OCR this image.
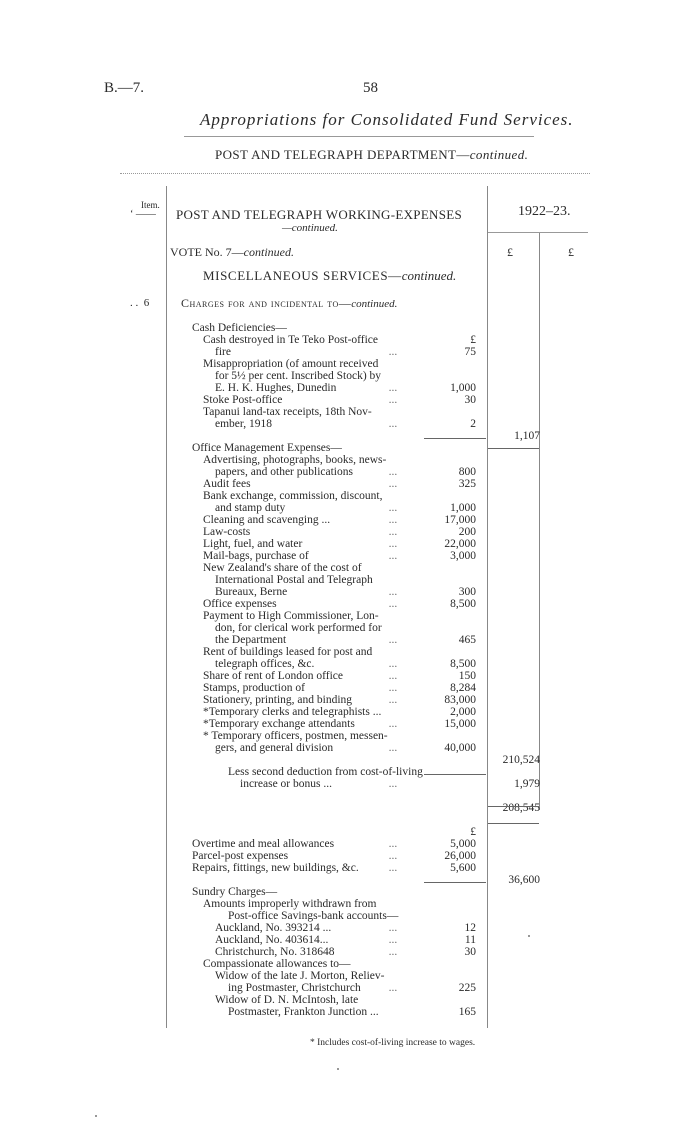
B.—7.	58
Appropriations for Consolidated Fund Services.
POST AND TELEGRAPH DEPARTMENT—continued.
Item.
‘ —— POST AND TELEGRAPH WORKING-EXPENSES
—continued.
1922–23.
£	£
VOTE No. 7—continued.
MISCELLANEOUS SERVICES—continued.
. . 6	Charges for and incidental to—continued.
Cash Deficiencies—
Cash destroyed in Te Teko Post-office	£
fire	...	75
Misappropriation (of amount received
for 5½ per cent. Inscribed Stock) by
E. H. K. Hughes, Dunedin	...	1,000
Stoke Post-office	...	30
Tapanui land-tax receipts, 18th Nov-
ember, 1918	...	2
1,107
Office Management Expenses—
Advertising, photographs, books, news-
papers, and other publications ...	800
Audit fees	...	325
Bank exchange, commission, discount,
and stamp duty	...	1,000
Cleaning and scavenging ...	...	17,000
Law-costs	...	200
Light, fuel, and water	...	22,000
Mail-bags, purchase of	...	3,000
New Zealand's share of the cost of
International Postal and Telegraph
Bureaux, Berne	...	300
Office expenses	...	8,500
Payment to High Commissioner, Lon-
don, for clerical work performed for
the Department	...	465
Rent of buildings leased for post and
telegraph offices, &c.	...	8,500
Share of rent of London office	...	150
Stamps, production of	...	8,284
Stationery, printing, and binding ...	83,000
*Temporary clerks and telegraphists ...	2,000
*Temporary exchange attendants ...	15,000
* Temporary officers, postmen, messen-
gers, and general division	...	40,000
210,524
Less second deduction from cost-of-living
increase or bonus ...	...	1,979
208,545
£
Overtime and meal allowances	...	5,000
Parcel-post expenses	...	26,000
Repairs, fittings, new buildings, &c. ...	5,600
36,600
Sundry Charges—
Amounts improperly withdrawn from
Post-office Savings-bank accounts—
Auckland, No. 393214 ...	...	12
Auckland, No. 403614...	...	11
Christchurch, No. 318648	...	30
Compassionate allowances to—
Widow of the late J. Morton, Reliev-
ing Postmaster, Christchurch ...	225
Widow of D. N. McIntosh, late
Postmaster, Frankton Junction ...	165
* Includes cost-of-living increase to wages.
